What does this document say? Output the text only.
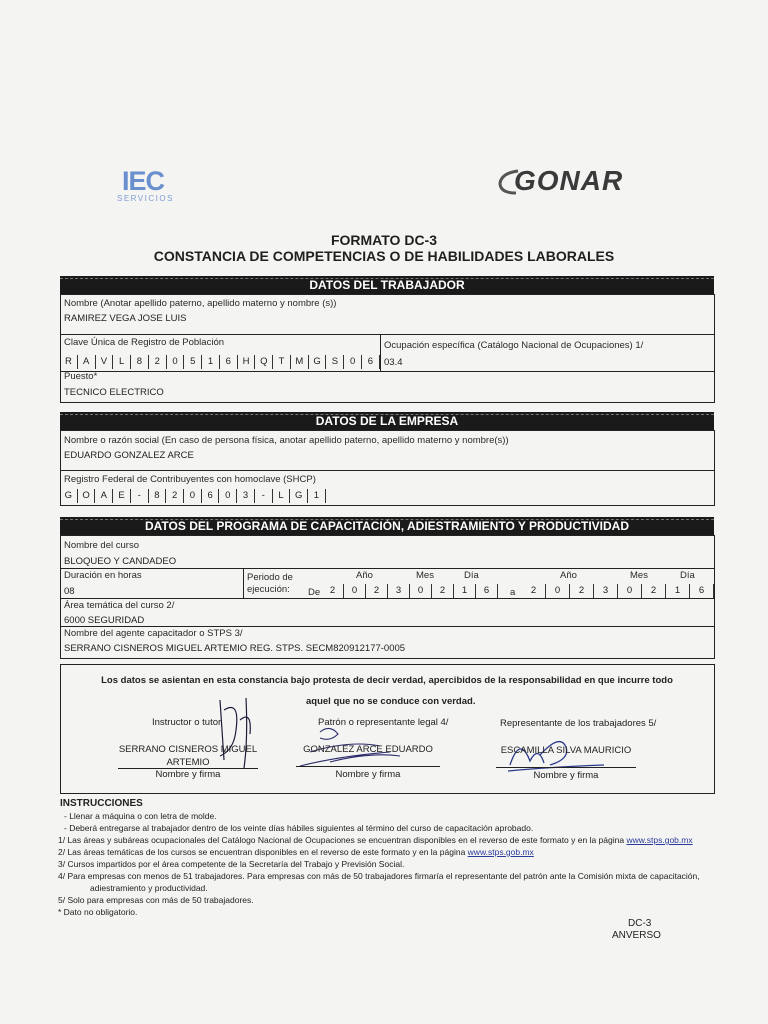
IEC
SERVICIOS
GONAR
FORMATO DC-3
CONSTANCIA DE COMPETENCIAS O DE HABILIDADES LABORALES
DATOS DEL TRABAJADOR
Nombre (Anotar apellido paterno, apellido materno y nombre (s))
RAMIREZ VEGA JOSE LUIS
Clave Única de Registro de Población	Ocupación específica (Catálogo Nacional de Ocupaciones) 1/
03.4
R	A	V	L	8	2	0	5	1	6	H	Q	T	M	G	S	0	6
Puesto*
TECNICO ELECTRICO
DATOS DE LA EMPRESA
Nombre o razón social (En caso de persona física, anotar apellido paterno, apellido materno y nombre(s))
EDUARDO GONZALEZ ARCE
Registro Federal de Contribuyentes con homoclave (SHCP)
G	O	A	E	-	8	2	0	6	0	3	-	L	G	1
DATOS DEL PROGRAMA DE CAPACITACIÓN, ADIESTRAMIENTO Y PRODUCTIVIDAD
Nombre del curso
BLOQUEO Y CANDADEO
Duración en horas
08
Periodo de
ejecución: De	a
Año	Mes	Día	Año	Mes	Día
2	0	2	3	0	2	1	6	2	0	2	3	0	2	1	6
Área temática del curso 2/
6000 SEGURIDAD
Nombre del agente capacitador o STPS 3/
SERRANO CISNEROS MIGUEL ARTEMIO REG. STPS. SECM820912177-0005
Los datos se asientan en esta constancia bajo protesta de decir verdad, apercibidos de la responsabilidad en que incurre todo
aquel que no se conduce con verdad.
Instructor o tutor	Patrón o representante legal 4/	Representante de los trabajadores 5/
SERRANO CISNEROS MIGUEL
ARTEMIO
Nombre y firma
GONZALEZ ARCE EDUARDO
Nombre y firma
ESCAMILLA SILVA MAURICIO
Nombre y firma
INSTRUCCIONES
- Llenar a máquina o con letra de molde.
- Deberá entregarse al trabajador dentro de los veinte días hábiles siguientes al término del curso de capacitación aprobado.
1/ Las áreas y subáreas ocupacionales del Catálogo Nacional de Ocupaciones se encuentran disponibles en el reverso de este formato y en la página www.stps.gob.mx
2/ Las áreas temáticas de los cursos se encuentran disponibles en el reverso de este formato y en la página www.stps.gob.mx
3/ Cursos impartidos por el área competente de la Secretaría del Trabajo y Previsión Social.
4/ Para empresas con menos de 51 trabajadores. Para empresas con más de 50 trabajadores firmaría el representante del patrón ante la Comisión mixta de capacitación,
adiestramiento y productividad.
5/ Solo para empresas con más de 50 trabajadores.
* Dato no obligatorio.
DC-3
ANVERSO
